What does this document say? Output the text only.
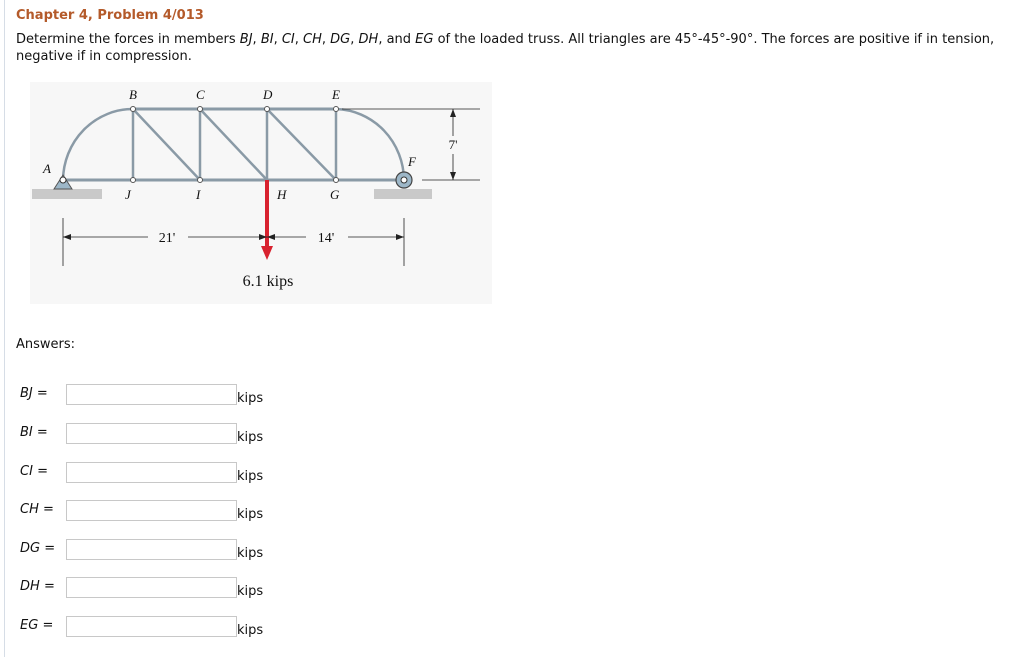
Chapter 4, Problem 4/013
Determine the forces in members BJ, BI, CI, CH, DG, DH, and EG of the loaded truss. All triangles are 45°-45°-90°. The forces are positive if in tension, negative if in compression.
6.1 kips
B	C	D	E
A	F
J	I	H	G
21'	14'
7'
Answers:
BJ =	kips
BI =	kips
CI =	kips
CH =	kips
DG =	kips
DH =	kips
EG =	kips
